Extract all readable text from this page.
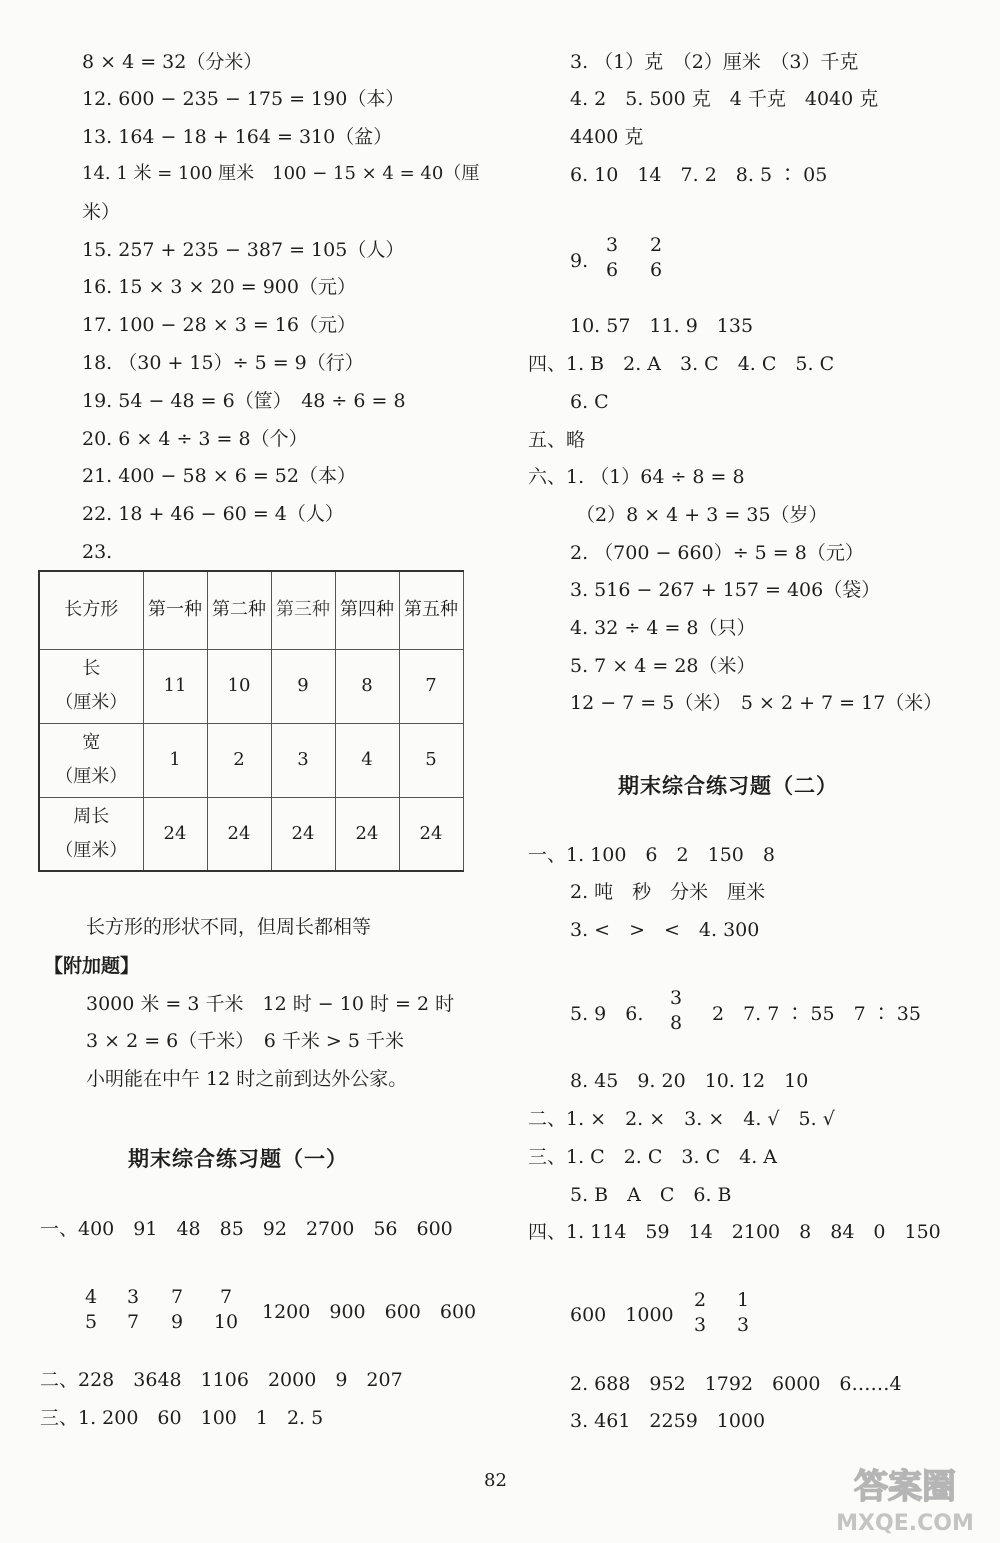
8 × 4 = 32（分米）
12. 600 − 235 − 175 = 190（本）
13. 164 − 18 + 164 = 310（盆）
14. 1 米 = 100 厘米　100 − 15 × 4 = 40（厘
米）
15. 257 + 235 − 387 = 105（人）
16. 15 × 3 × 20 = 900（元）
17. 100 − 28 × 3 = 16（元）
18. （30 + 15）÷ 5 = 9（行）
19. 54 − 48 = 6（筐）　48 ÷ 6 = 8
20. 6 × 4 ÷ 3 = 8（个）
21. 400 − 58 × 6 = 52（本）
22. 18 + 46 − 60 = 4（人）
23.
长方形	第一种	第二种	第三种	第四种	第五种

长
（厘米）	11	10	9	8	7

宽
（厘米）	1	2	3	4	5

周长
（厘米）	24	24	24	24	24
长方形的形状不同，但周长都相等
【附加题】
3000 米 = 3 千米　12 时 − 10 时 = 2 时
3 × 2 = 6（千米）　6 千米 > 5 千米
小明能在中午 12 时之前到达外公家。
期末综合练习题（一）
一、400　91　48　85　92　2700　56　600
4
5
3
7
7
9
7
10 1200　900　600　600
二、228　3648　1106　2000　9　207
三、1. 200　60　100　1　2. 5
3. （1）克　（2）厘米　（3）千克
4. 2　5. 500 克　4 千克　4040 克
4400 克
6. 10　14　7. 2　8. 5 ∶ 05
9.
3
6
2
6
10. 57　11. 9　135
四、1. B　2. A　3. C　4. C　5. C
6. C
五、略
六、1. （1）64 ÷ 8 = 8
（2）8 × 4 + 3 = 35（岁）
2. （700 − 660）÷ 5 = 8（元）
3. 516 − 267 + 157 = 406（袋）
4. 32 ÷ 4 = 8（只）
5. 7 × 4 = 28（米）
12 − 7 = 5（米）　5 × 2 + 7 = 17（米）
期末综合练习题（二）
一、1. 100　6　2　150　8
2. 吨　秒　分米　厘米
3. <　>　<　4. 300
5. 9　6.
3
8 2　7. 7 ∶ 55　7 ∶ 35
8. 45　9. 20　10. 12　10
二、1. ×　2. ×　3. ×　4. √　5. √
三、1. C　2. C　3. C　4. A
5. B　A　C　6. B
四、1. 114　59　14　2100　8　84　0　150
600　1000
2
3
1
3
2. 688　952　1792　6000　6……4
3. 461　2259　1000
82	答案圈
MXQE.COM
